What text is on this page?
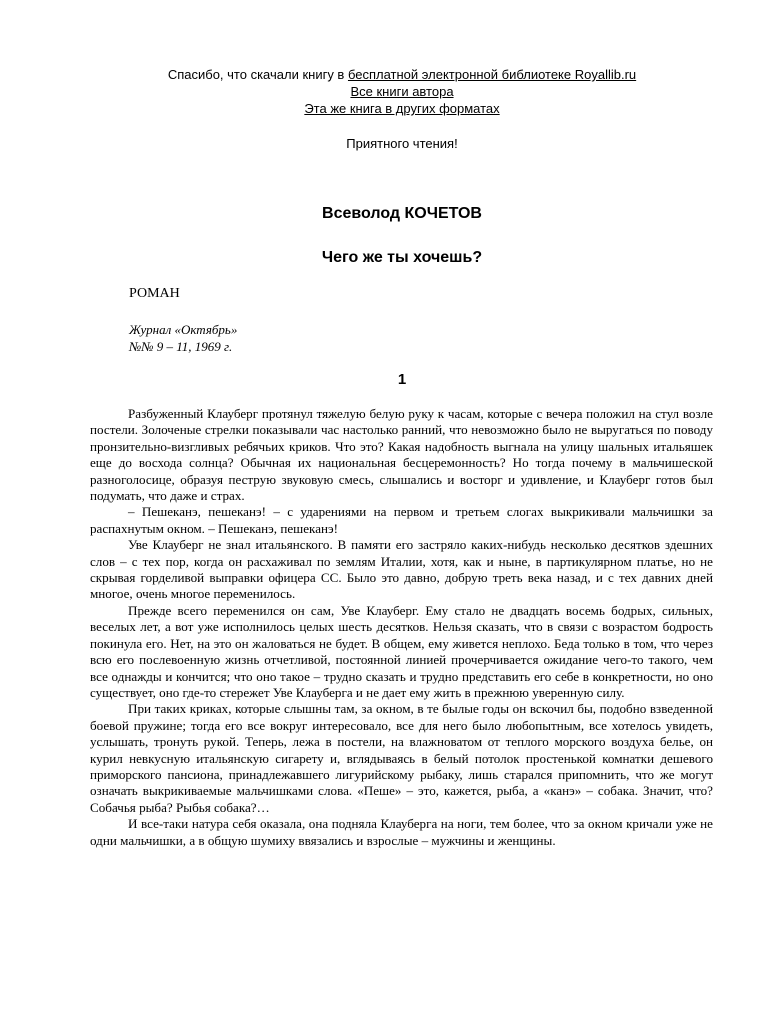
Спасибо, что скачали книгу в бесплатной электронной библиотеке Royallib.ru
Все книги автора
Эта же книга в других форматах
Приятного чтения!
Всеволод КОЧЕТОВ
Чего же ты хочешь?
РОМАН
Журнал «Октябрь»
№№ 9 – 11, 1969 г.
1

Разбуженный Клауберг протянул тяжелую белую руку к часам, которые с вечера положил на стул возле постели. Золоченые стрелки показывали час настолько ранний, что невозможно было не выругаться по поводу пронзительно-визгливых ребячьих криков. Что это? Какая надобность выгнала на улицу шальных итальяшек еще до восхода солнца? Обычная их национальная бесцеремонность? Но тогда почему в мальчишеской разноголосице, образуя пеструю звуковую смесь, слышались и восторг и удивление, и Клауберг готов был подумать, что даже и страх.

– Пешеканэ, пешеканэ! – с ударениями на первом и третьем слогах выкрикивали мальчишки за распахнутым окном. – Пешеканэ, пешеканэ!

Уве Клауберг не знал итальянского. В памяти его застряло каких-нибудь несколько десятков здешних слов – с тех пор, когда он расхаживал по землям Италии, хотя, как и ныне, в партикулярном платье, но не скрывая горделивой выправки офицера СС. Было это давно, добрую треть века назад, и с тех давних дней многое, очень многое переменилось.

Прежде всего переменился он сам, Уве Клауберг. Ему стало не двадцать восемь бодрых, сильных, веселых лет, а вот уже исполнилось целых шесть десятков. Нельзя сказать, что в связи с возрастом бодрость покинула его. Нет, на это он жаловаться не будет. В общем, ему живется неплохо. Беда только в том, что через всю его послевоенную жизнь отчетливой, постоянной линией прочерчивается ожидание чего-то такого, чем все однажды и кончится; что оно такое – трудно сказать и трудно представить его себе в конкретности, но оно существует, оно где-то стережет Уве Клауберга и не дает ему жить в прежнюю уверенную силу.

При таких криках, которые слышны там, за окном, в те былые годы он вскочил бы, подобно взведенной боевой пружине; тогда его все вокруг интересовало, все для него было любопытным, все хотелось увидеть, услышать, тронуть рукой. Теперь, лежа в постели, на влажноватом от теплого морского воздуха белье, он курил невкусную итальянскую сигарету и, вглядываясь в белый потолок простенькой комнатки дешевого приморского пансиона, принадлежавшего лигурийскому рыбаку, лишь старался припомнить, что же могут означать выкрикиваемые мальчишками слова. «Пеше» – это, кажется, рыба, а «канэ» – собака. Значит, что? Собачья рыба? Рыбья собака?…

И все-таки натура себя оказала, она подняла Клауберга на ноги, тем более, что за окном кричали уже не одни мальчишки, а в общую шумиху ввязались и взрослые – мужчины и женщины.
